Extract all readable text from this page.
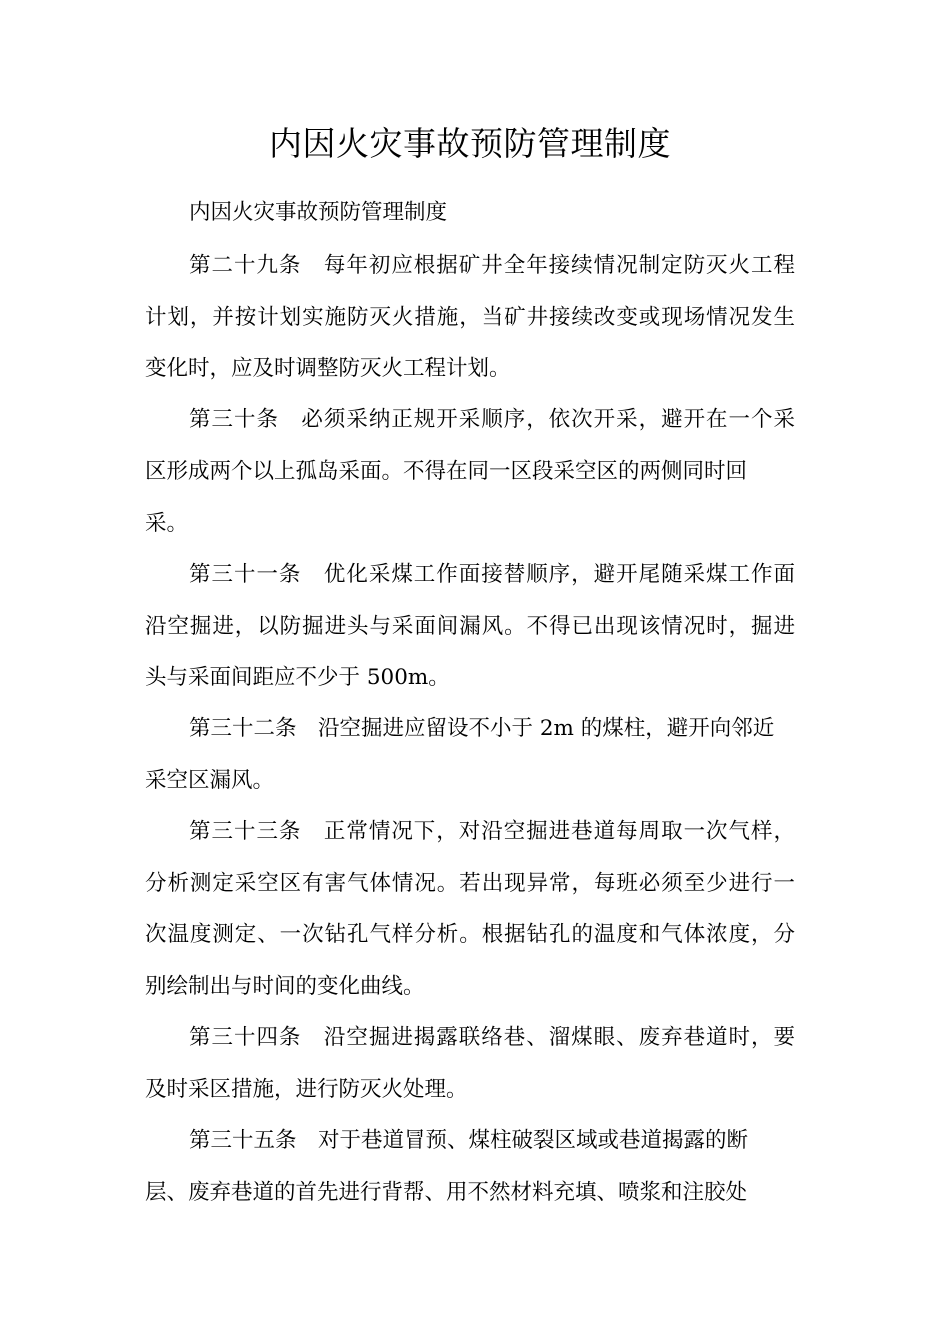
内因火灾事故预防管理制度

内因火灾事故预防管理制度

第二十九条　每年初应根据矿井全年接续情况制定防灭火工程

计划，并按计划实施防灭火措施，当矿井接续改变或现场情况发生

变化时，应及时调整防灭火工程计划。

第三十条　必须采纳正规开采顺序，依次开采，避开在一个采

区形成两个以上孤岛采面。不得在同一区段采空区的两侧同时回

采。

第三十一条　优化采煤工作面接替顺序，避开尾随采煤工作面

沿空掘进，以防掘进头与采面间漏风。不得已出现该情况时，掘进

头与采面间距应不少于 500m。

第三十二条　沿空掘进应留设不小于 2m 的煤柱，避开向邻近

采空区漏风。

第三十三条　正常情况下，对沿空掘进巷道每周取一次气样，

分析测定采空区有害气体情况。若出现异常，每班必须至少进行一

次温度测定、一次钻孔气样分析。根据钻孔的温度和气体浓度，分

别绘制出与时间的变化曲线。

第三十四条　沿空掘进揭露联络巷、溜煤眼、废弃巷道时，要

及时采区措施，进行防灭火处理。

第三十五条　对于巷道冒预、煤柱破裂区域或巷道揭露的断

层、废弃巷道的首先进行背帮、用不然材料充填、喷浆和注胶处
